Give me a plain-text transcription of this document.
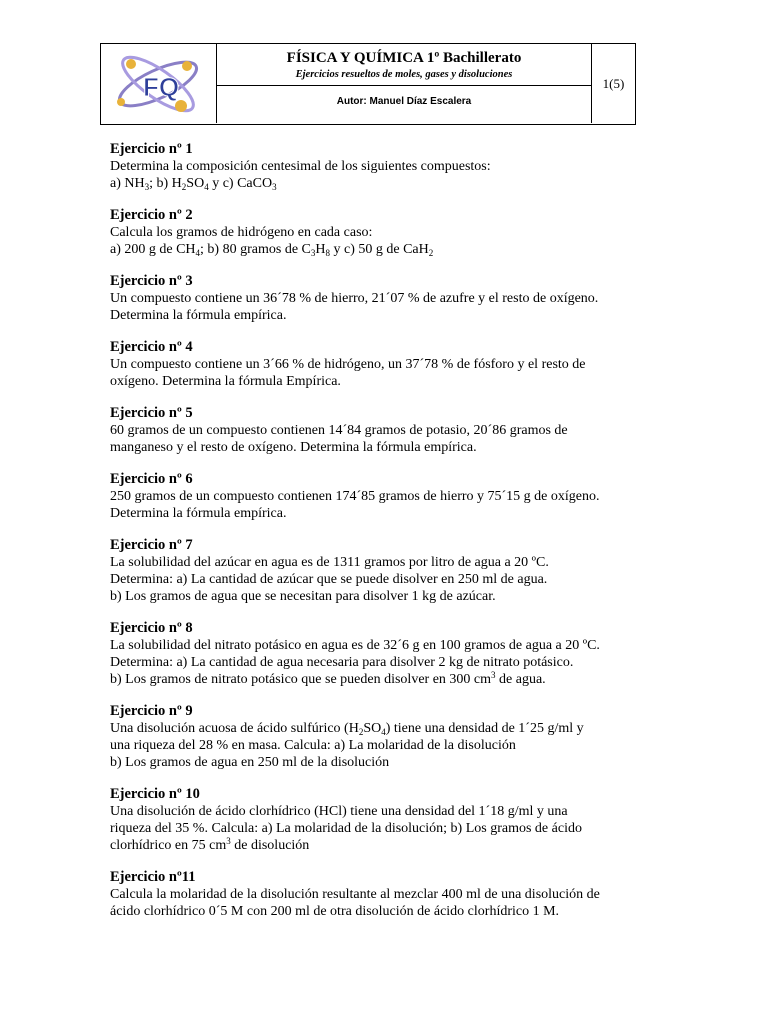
FQ
FÍSICA Y QUÍMICA 1º Bachillerato
Ejercicios resueltos de moles, gases y disoluciones
Autor: Manuel Díaz Escalera
1(5)
Ejercicio nº 1

Determina la composición centesimal de los siguientes compuestos:

a) $NH_3$; b) $H_2SO_4$ y c) CaCO$_3$

Ejercicio nº 2

Calcula los gramos de hidrógeno en cada caso:

a) 200 g de $CH_4$; b) 80 gramos de $C_3H_8$ y c) 50 g de CaH$_2$

Ejercicio nº 3

Un compuesto contiene un 36´78 % de hierro, 21´07 % de azufre y el resto de oxígeno.

Determina la fórmula empírica.

Ejercicio nº 4

Un compuesto contiene un 3´66 % de hidrógeno, un 37´78 % de fósforo y el resto de

oxígeno. Determina la fórmula Empírica.

Ejercicio nº 5

60 gramos de un compuesto contienen 14´84 gramos de potasio, 20´86 gramos de

manganeso y el resto de oxígeno. Determina la fórmula empírica.

Ejercicio nº 6

250 gramos de un compuesto contienen 174´85 gramos de hierro y 75´15 g de oxígeno.

Determina la fórmula empírica.

Ejercicio nº 7

La solubilidad del azúcar en agua es de 1311 gramos por litro de agua a 20 ºC.

Determina: a) La cantidad de azúcar que se puede disolver en 250 ml de agua.

b) Los gramos de agua que se necesitan para disolver 1 kg de azúcar.

Ejercicio nº 8

La solubilidad del nitrato potásico en agua es de 32´6 g en 100 gramos de agua a 20 ºC.

Determina: a) La cantidad de agua necesaria para disolver 2 kg de nitrato potásico.

b) Los gramos de nitrato potásico que se pueden disolver en 300 $cm^3$ de agua.

Ejercicio nº 9

Una disolución acuosa de ácido sulfúrico $(H_2SO_4)$ tiene una densidad de 1´25 g/ml y

una riqueza del 28 % en masa. Calcula: a) La molaridad de la disolución

b) Los gramos de agua en 250 ml de la disolución

Ejercicio nº 10

Una disolución de ácido clorhídrico (HCl) tiene una densidad del 1´18 g/ml y una

riqueza del 35 %. Calcula: a) La molaridad de la disolución; b) Los gramos de ácido

clorhídrico en 75 $cm^3$ de disolución

Ejercicio nº11

Calcula la molaridad de la disolución resultante al mezclar 400 ml de una disolución de

ácido clorhídrico 0´5 M con 200 ml de otra disolución de ácido clorhídrico 1 M.
